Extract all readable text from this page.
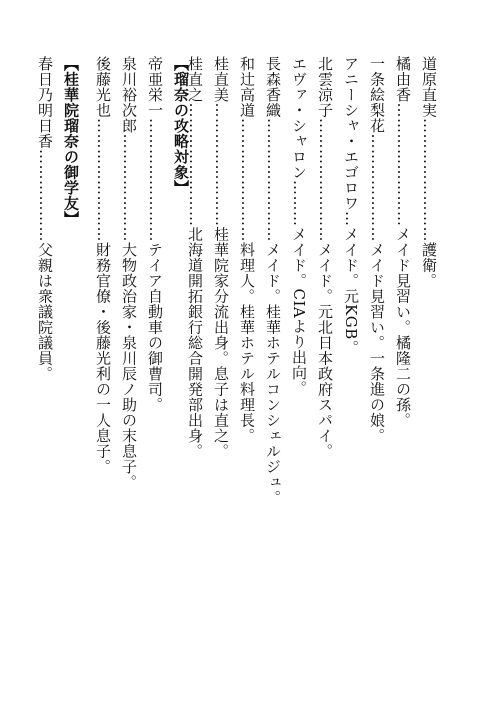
道原直実……………………護衛。
橘由香……………………メイド見習い。橘隆二の孫。
一条絵梨花…………………メイド見習い。一条進の娘。
アニーシャ・エゴロワ…メイド。元KGB。
北雲涼子……………………メイド。元北日本政府スパイ。
エヴァ・シャロン………メイド。CIAより出向。
長森香織……………………メイド。桂華ホテルコンシェルジュ。
和辻高道……………………料理人。桂華ホテル料理長。
桂直美……………………桂華院家分流出身。息子は直之。
桂直之……………………北海道開拓銀行総合開発部出身。
【瑠奈の攻略対象】
帝亜栄一……………………テイア自動車の御曹司。
泉川裕次郎…………………大物政治家・泉川辰ノ助の末息子。
後藤光也……………………財務官僚・後藤光利の一人息子。
【桂華院瑠奈の御学友】
春日乃明日香………………父親は衆議院議員。
